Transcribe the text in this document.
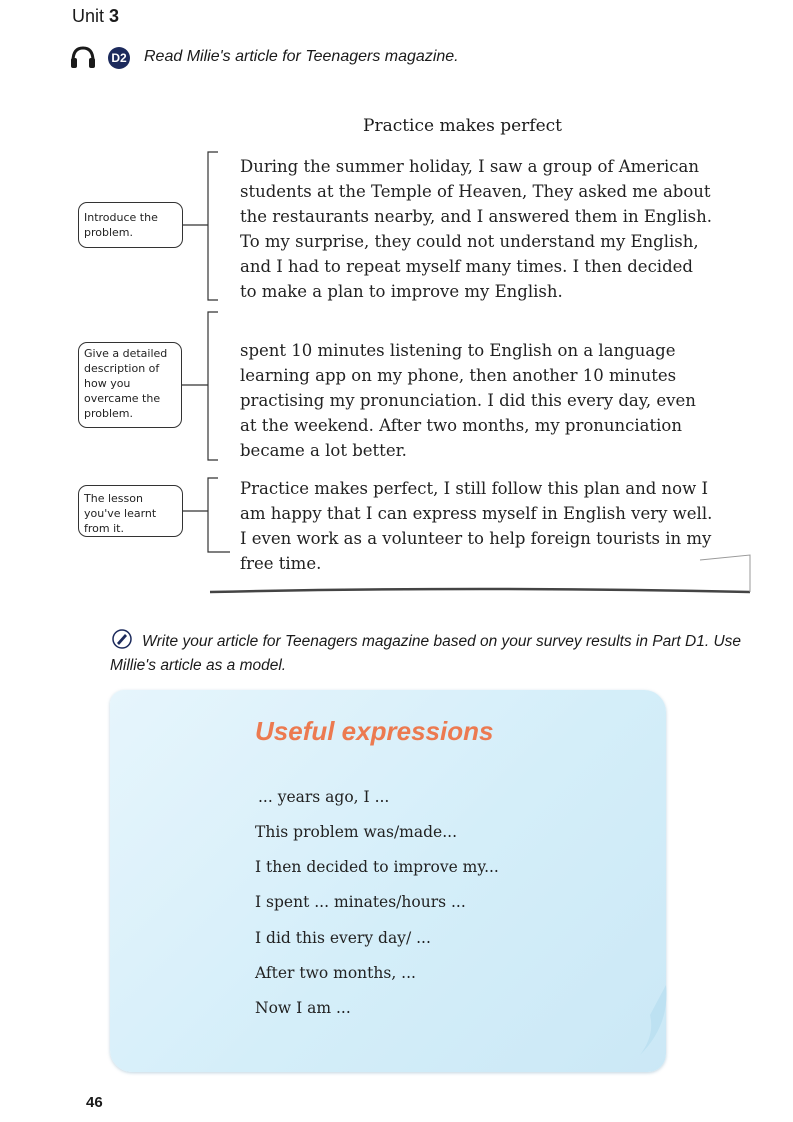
Unit 3
D2 Read Milie's article for Teenagers magazine.
Practice makes perfect
During the summer holiday, I saw a group of American
students at the Temple of Heaven, They asked me about
the restaurants nearby, and I answered them in English.
To my surprise, they could not understand my English,
and I had to repeat myself many times. I then decided
to make a plan to improve my English.
spent 10 minutes listening to English on a language
learning app on my phone, then another 10 minutes
practising my pronunciation. I did this every day, even
at the weekend. After two months, my pronunciation
became a lot better.
Practice makes perfect, I still follow this plan and now I
am happy that I can express myself in English very well.
I even work as a volunteer to help foreign tourists in my
free time.
Introduce the problem.
Give a detailed description of how you overcame the problem.
The lesson you've learnt from it.
Write your article for Teenagers magazine based on your survey results in Part D1. Use Millie's article as a model.
Useful expressions
... years ago, I ...
This problem was/made...
I then decided to improve my...
I spent ... minates/hours ...
I did this every day/ ...
After two months, ...
Now I am ...
46
